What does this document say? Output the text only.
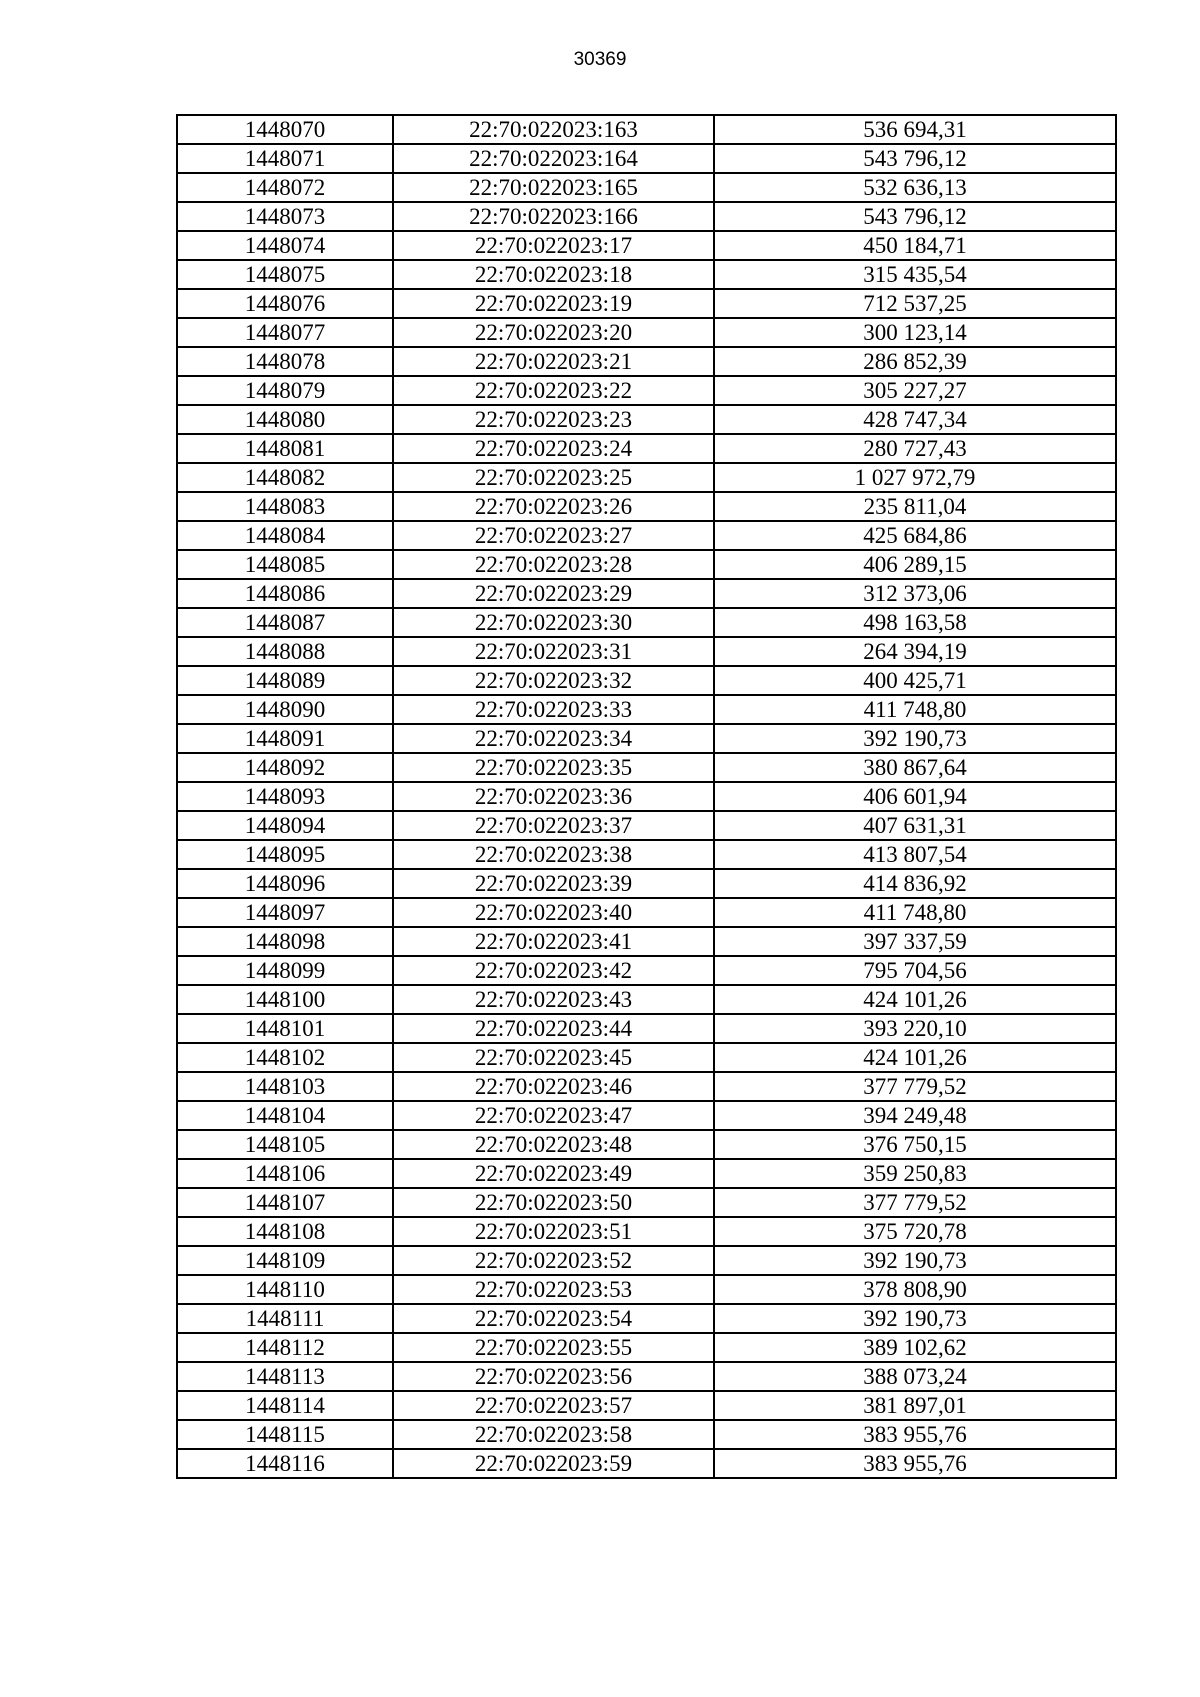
30369
1448070	22:70:022023:163	536 694,31
1448071	22:70:022023:164	543 796,12
1448072	22:70:022023:165	532 636,13
1448073	22:70:022023:166	543 796,12
1448074	22:70:022023:17	450 184,71
1448075	22:70:022023:18	315 435,54
1448076	22:70:022023:19	712 537,25
1448077	22:70:022023:20	300 123,14
1448078	22:70:022023:21	286 852,39
1448079	22:70:022023:22	305 227,27
1448080	22:70:022023:23	428 747,34
1448081	22:70:022023:24	280 727,43
1448082	22:70:022023:25	1 027 972,79
1448083	22:70:022023:26	235 811,04
1448084	22:70:022023:27	425 684,86
1448085	22:70:022023:28	406 289,15
1448086	22:70:022023:29	312 373,06
1448087	22:70:022023:30	498 163,58
1448088	22:70:022023:31	264 394,19
1448089	22:70:022023:32	400 425,71
1448090	22:70:022023:33	411 748,80
1448091	22:70:022023:34	392 190,73
1448092	22:70:022023:35	380 867,64
1448093	22:70:022023:36	406 601,94
1448094	22:70:022023:37	407 631,31
1448095	22:70:022023:38	413 807,54
1448096	22:70:022023:39	414 836,92
1448097	22:70:022023:40	411 748,80
1448098	22:70:022023:41	397 337,59
1448099	22:70:022023:42	795 704,56
1448100	22:70:022023:43	424 101,26
1448101	22:70:022023:44	393 220,10
1448102	22:70:022023:45	424 101,26
1448103	22:70:022023:46	377 779,52
1448104	22:70:022023:47	394 249,48
1448105	22:70:022023:48	376 750,15
1448106	22:70:022023:49	359 250,83
1448107	22:70:022023:50	377 779,52
1448108	22:70:022023:51	375 720,78
1448109	22:70:022023:52	392 190,73
1448110	22:70:022023:53	378 808,90
1448111	22:70:022023:54	392 190,73
1448112	22:70:022023:55	389 102,62
1448113	22:70:022023:56	388 073,24
1448114	22:70:022023:57	381 897,01
1448115	22:70:022023:58	383 955,76
1448116	22:70:022023:59	383 955,76
